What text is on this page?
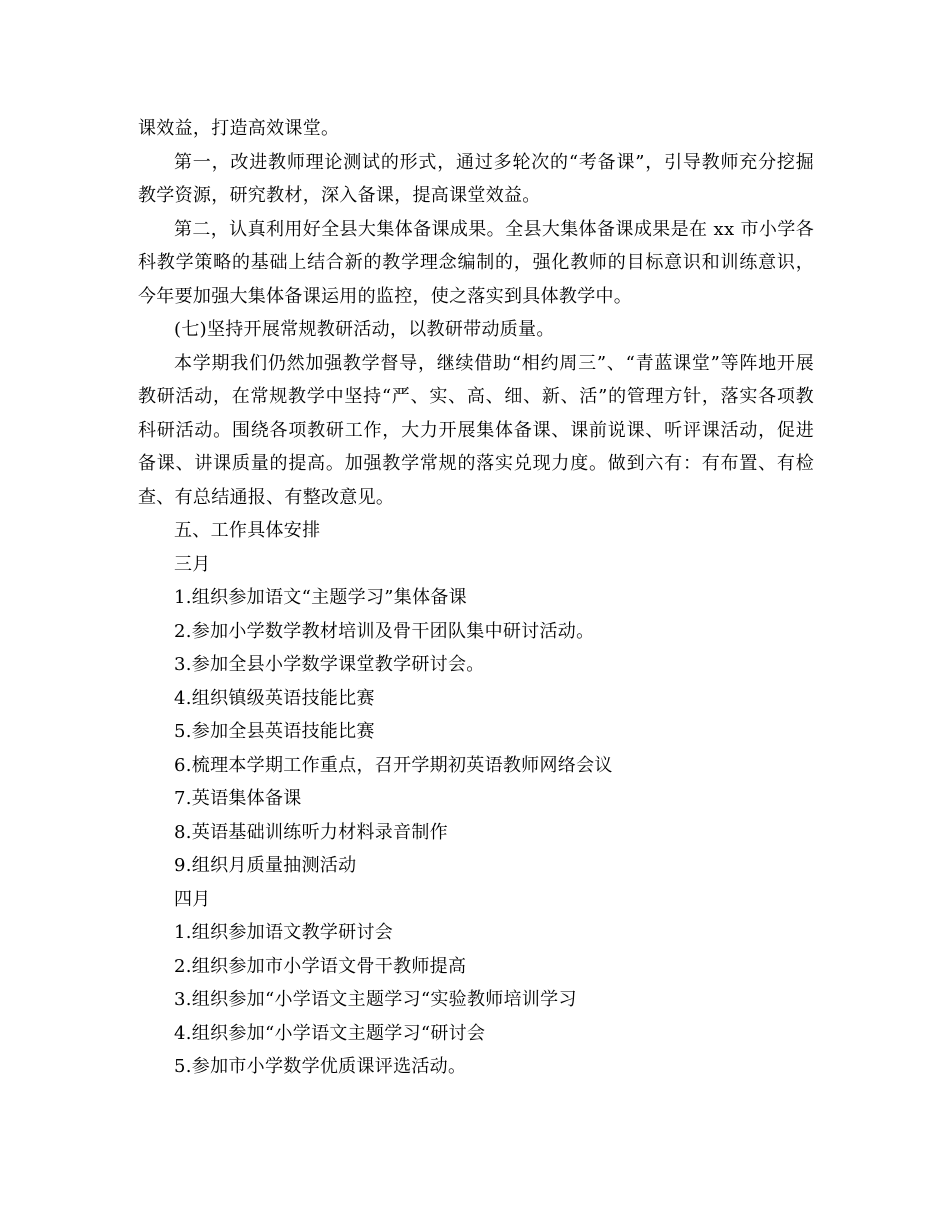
课效益，打造高效课堂。

第一，改进教师理论测试的形式，通过多轮次的“考备课”，引导教师充分挖掘教学资源，研究教材，深入备课，提高课堂效益。

第二，认真利用好全县大集体备课成果。全县大集体备课成果是在 xx 市小学各科教学策略的基础上结合新的教学理念编制的，强化教师的目标意识和训练意识，今年要加强大集体备课运用的监控，使之落实到具体教学中。

(七)坚持开展常规教研活动，以教研带动质量。

本学期我们仍然加强教学督导，继续借助“相约周三”、“青蓝课堂”等阵地开展教研活动，在常规教学中坚持“严、实、高、细、新、活”的管理方针，落实各项教科研活动。围绕各项教研工作，大力开展集体备课、课前说课、听评课活动，促进备课、讲课质量的提高。加强教学常规的落实兑现力度。做到六有：有布置、有检查、有总结通报、有整改意见。

五、工作具体安排

三月

1.组织参加语文“主题学习”集体备课

2.参加小学数学教材培训及骨干团队集中研讨活动。

3.参加全县小学数学课堂教学研讨会。

4.组织镇级英语技能比赛

5.参加全县英语技能比赛

6.梳理本学期工作重点，召开学期初英语教师网络会议

7.英语集体备课

8.英语基础训练听力材料录音制作

9.组织月质量抽测活动

四月

1.组织参加语文教学研讨会

2.组织参加市小学语文骨干教师提高

3.组织参加“小学语文主题学习“实验教师培训学习

4.组织参加“小学语文主题学习“研讨会

5.参加市小学数学优质课评选活动。
